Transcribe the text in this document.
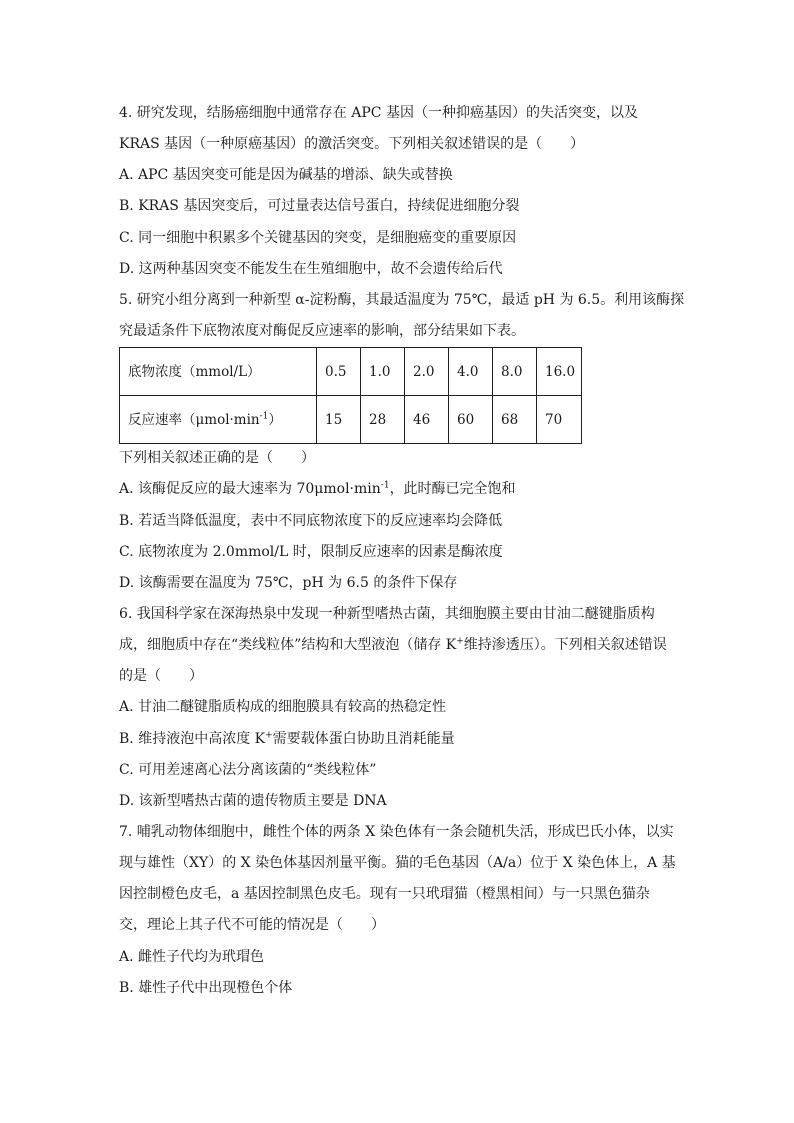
4. 研究发现，结肠癌细胞中通常存在 APC 基因（一种抑癌基因）的失活突变，以及
KRAS 基因（一种原癌基因）的激活突变。下列相关叙述错误的是（　　）
A. APC 基因突变可能是因为碱基的增添、缺失或替换
B. KRAS 基因突变后，可过量表达信号蛋白，持续促进细胞分裂
C. 同一细胞中积累多个关键基因的突变，是细胞癌变的重要原因
D. 这两种基因突变不能发生在生殖细胞中，故不会遗传给后代
5. 研究小组分离到一种新型 α-淀粉酶，其最适温度为 75℃，最适 pH 为 6.5。利用该酶探
究最适条件下底物浓度对酶促反应速率的影响，部分结果如下表。
底物浓度（mmol/L）	0.5	1.0	2.0	4.0	8.0	16.0
反应速率$(\mu mol\cdot\min^{-1})$	15	28	46	60	68	70
下列相关叙述正确的是（　　）
A. 该酶促反应的最大速率为 $70\mu mol\cdot\min^{-1}$，此时酶已完全饱和
B. 若适当降低温度，表中不同底物浓度下的反应速率均会降低
C. 底物浓度为 2.0mmol/L 时，限制反应速率的因素是酶浓度
D. 该酶需要在温度为 75℃，pH 为 6.5 的条件下保存
6. 我国科学家在深海热泉中发现一种新型嗜热古菌，其细胞膜主要由甘油二醚键脂质构
成，细胞质中存在“类线粒体”结构和大型液泡（储存 K+维持渗透压）。下列相关叙述错误
的是（　　）
A. 甘油二醚键脂质构成的细胞膜具有较高的热稳定性
B. 维持液泡中高浓度 K+需要载体蛋白协助且消耗能量
C. 可用差速离心法分离该菌的“类线粒体”
D. 该新型嗜热古菌的遗传物质主要是 DNA
7. 哺乳动物体细胞中，雌性个体的两条 X 染色体有一条会随机失活，形成巴氏小体，以实
现与雄性（XY）的 X 染色体基因剂量平衡。猫的毛色基因（A/a）位于 X 染色体上，A 基
因控制橙色皮毛，a 基因控制黑色皮毛。现有一只玳瑁猫（橙黑相间）与一只黑色猫杂
交，理论上其子代不可能的情况是（　　）
A. 雌性子代均为玳瑁色
B. 雄性子代中出现橙色个体
